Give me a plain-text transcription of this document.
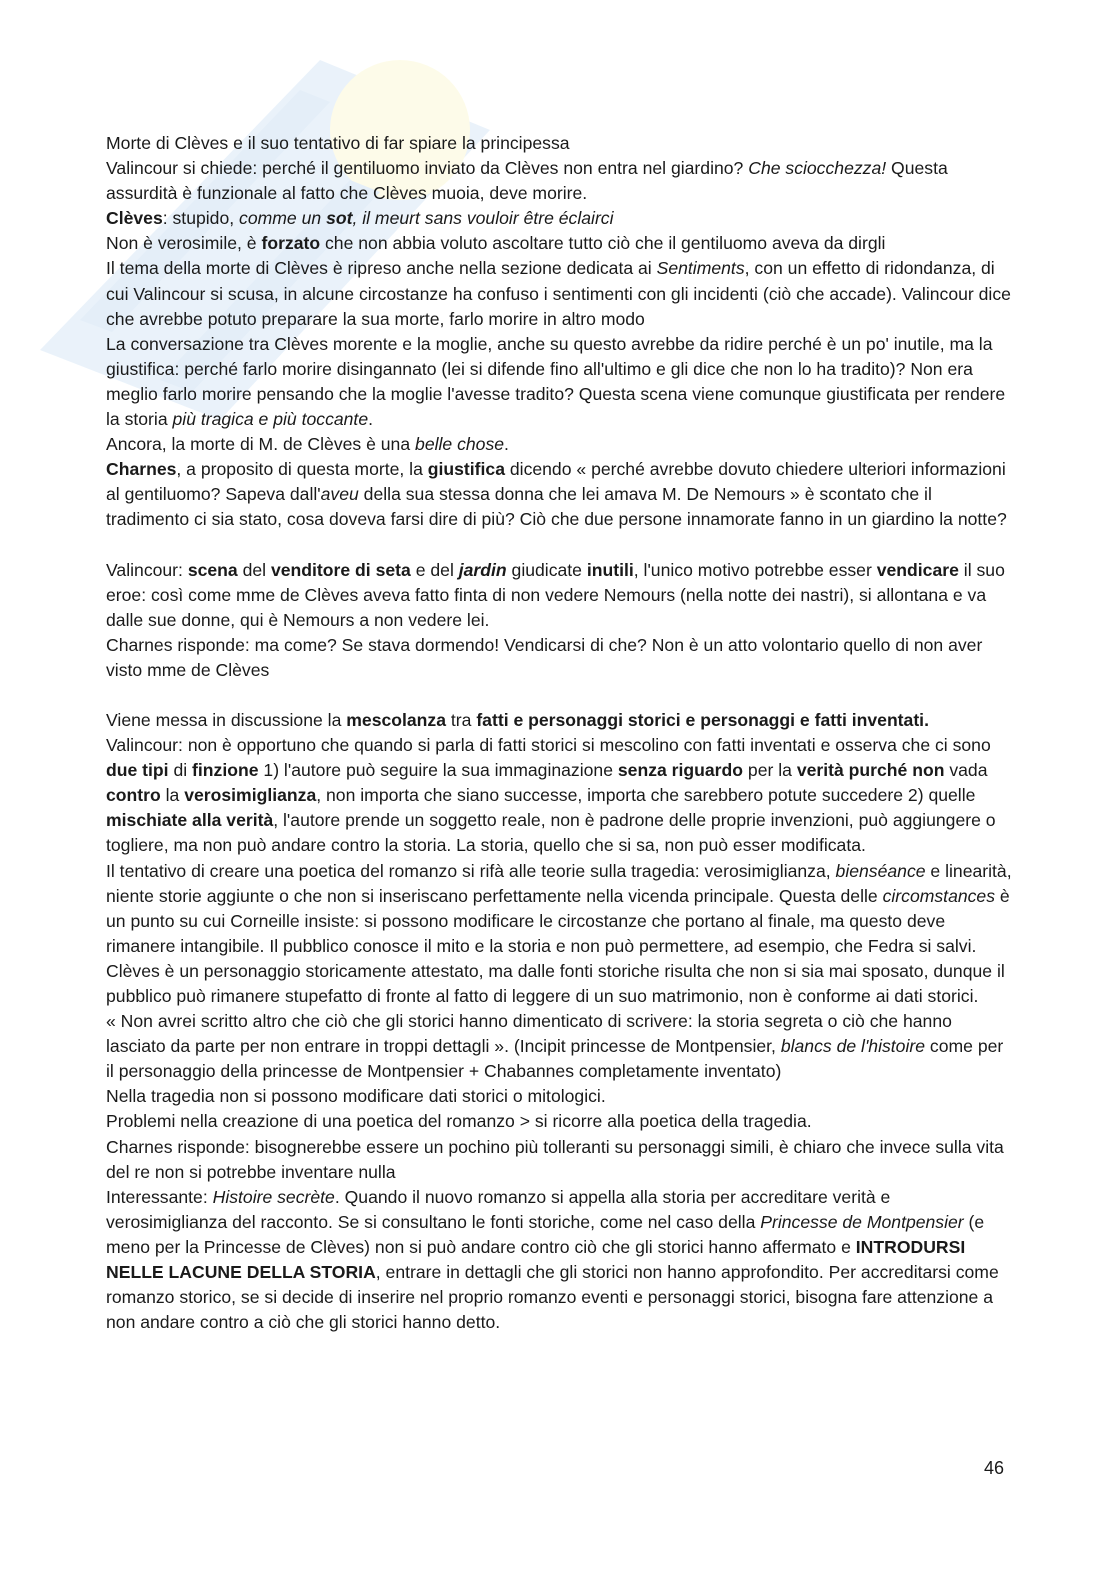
Morte di Clèves e il suo tentativo di far spiare la principessa

Valincour si chiede: perché il gentiluomo inviato da Clèves non entra nel giardino? Che sciocchezza! Questa assurdità è funzionale al fatto che Clèves muoia, deve morire.

Clèves: stupido, comme un sot, il meurt sans vouloir être éclairci

Non è verosimile, è forzato che non abbia voluto ascoltare tutto ciò che il gentiluomo aveva da dirgli

Il tema della morte di Clèves è ripreso anche nella sezione dedicata ai Sentiments, con un effetto di ridondanza, di cui Valincour si scusa, in alcune circostanze ha confuso i sentimenti con gli incidenti (ciò che accade). Valincour dice che avrebbe potuto preparare la sua morte, farlo morire in altro modo

La conversazione tra Clèves morente e la moglie, anche su questo avrebbe da ridire perché è un po' inutile, ma la giustifica: perché farlo morire disingannato (lei si difende fino all'ultimo e gli dice che non lo ha tradito)? Non era meglio farlo morire pensando che la moglie l'avesse tradito? Questa scena viene comunque giustificata per rendere la storia più tragica e più toccante.

Ancora, la morte di M. de Clèves è una belle chose.

Charnes, a proposito di questa morte, la giustifica dicendo « perché avrebbe dovuto chiedere ulteriori informazioni al gentiluomo? Sapeva dall'aveu della sua stessa donna che lei amava M. De Nemours » è scontato che il tradimento ci sia stato, cosa doveva farsi dire di più? Ciò che due persone innamorate fanno in un giardino la notte?

Valincour: scena del venditore di seta e del jardin giudicate inutili, l'unico motivo potrebbe esser vendicare il suo eroe: così come mme de Clèves aveva fatto finta di non vedere Nemours (nella notte dei nastri), si allontana e va dalle sue donne, qui è Nemours a non vedere lei.

Charnes risponde: ma come? Se stava dormendo! Vendicarsi di che? Non è un atto volontario quello di non aver visto mme de Clèves

Viene messa in discussione la mescolanza tra fatti e personaggi storici e personaggi e fatti inventati.

Valincour: non è opportuno che quando si parla di fatti storici si mescolino con fatti inventati e osserva che ci sono due tipi di finzione 1) l'autore può seguire la sua immaginazione senza riguardo per la verità purché non vada contro la verosimiglianza, non importa che siano successe, importa che sarebbero potute succedere 2) quelle mischiate alla verità, l'autore prende un soggetto reale, non è padrone delle proprie invenzioni, può aggiungere o togliere, ma non può andare contro la storia. La storia, quello che si sa, non può esser modificata.

Il tentativo di creare una poetica del romanzo si rifà alle teorie sulla tragedia: verosimiglianza, bienséance e linearità, niente storie aggiunte o che non si inseriscano perfettamente nella vicenda principale. Questa delle circomstances è un punto su cui Corneille insiste: si possono modificare le circostanze che portano al finale, ma questo deve rimanere intangibile. Il pubblico conosce il mito e la storia e non può permettere, ad esempio, che Fedra si salvi.

Clèves è un personaggio storicamente attestato, ma dalle fonti storiche risulta che non si sia mai sposato, dunque il pubblico può rimanere stupefatto di fronte al fatto di leggere di un suo matrimonio, non è conforme ai dati storici.

« Non avrei scritto altro che ciò che gli storici hanno dimenticato di scrivere: la storia segreta o ciò che hanno lasciato da parte per non entrare in troppi dettagli ». (Incipit princesse de Montpensier, blancs de l'histoire come per il personaggio della princesse de Montpensier + Chabannes completamente inventato)

Nella tragedia non si possono modificare dati storici o mitologici.

Problemi nella creazione di una poetica del romanzo > si ricorre alla poetica della tragedia.

Charnes risponde: bisognerebbe essere un pochino più tolleranti su personaggi simili, è chiaro che invece sulla vita del re non si potrebbe inventare nulla

Interessante: Histoire secrète. Quando il nuovo romanzo si appella alla storia per accreditare verità e verosimiglianza del racconto. Se si consultano le fonti storiche, come nel caso della Princesse de Montpensier (e meno per la Princesse de Clèves) non si può andare contro ciò che gli storici hanno affermato e INTRODURSI NELLE LACUNE DELLA STORIA, entrare in dettagli che gli storici non hanno approfondito. Per accreditarsi come romanzo storico, se si decide di inserire nel proprio romanzo eventi e personaggi storici, bisogna fare attenzione a non andare contro a ciò che gli storici hanno detto.

46
